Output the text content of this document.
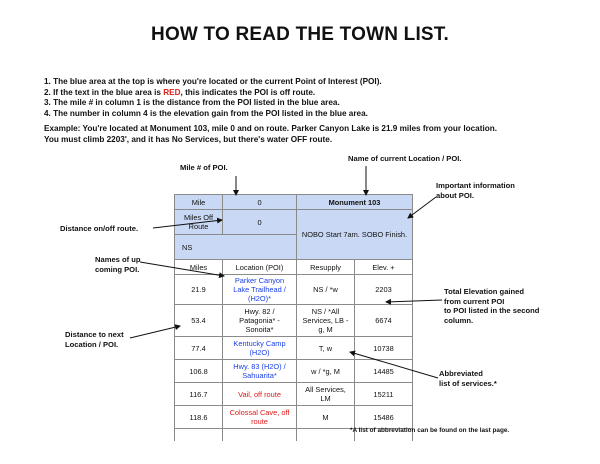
HOW TO READ THE TOWN LIST.
1. The blue area at the top is where you're located or the current Point of Interest (POI).
2. If the text in the blue area is RED, this indicates the POI is off route.
3. The mile # in column 1 is the distance from the POI listed in the blue area.
4. The number in column 4 is the elevation gain from the POI listed in the blue area.
Example: You're located at Monument 103, mile 0 and on route. Parker Canyon Lake is 21.9 miles from your location.
You must climb 2203', and it has No Services, but there's water OFF route.
Mile	0	Monument 103	
Miles Off Route	0	NOBO Start 7am. SOBO Finish.	
NS			
Miles	Location (POI)	Resupply	Elev. +
21.9	Parker Canyon Lake Trailhead / (H2O)*	NS / *w	2203
53.4	Hwy. 82 / Patagonia* - Sonoita*	NS / *All Services, LB - g, M	6674
77.4	Kentucky Camp (H2O)	T, w	10738
106.8	Hwy. 83 (H2O) / Sahuarita*	w / *g, M	14485
116.7	Vail, off route	All Services, LM	15211
118.6	Colossal Cave, off route	M	15486

Mile # of POI.
Name of current Location / POI.
Important information
about POI.
Distance on/off route.
Names of up
coming POI.
Total Elevation gained
from current POI
to POI listed in the second
column.
Distance to next
Location / POI.
Abbreviated
list of services.*
*A list of abbreviation can be found on the last page.
